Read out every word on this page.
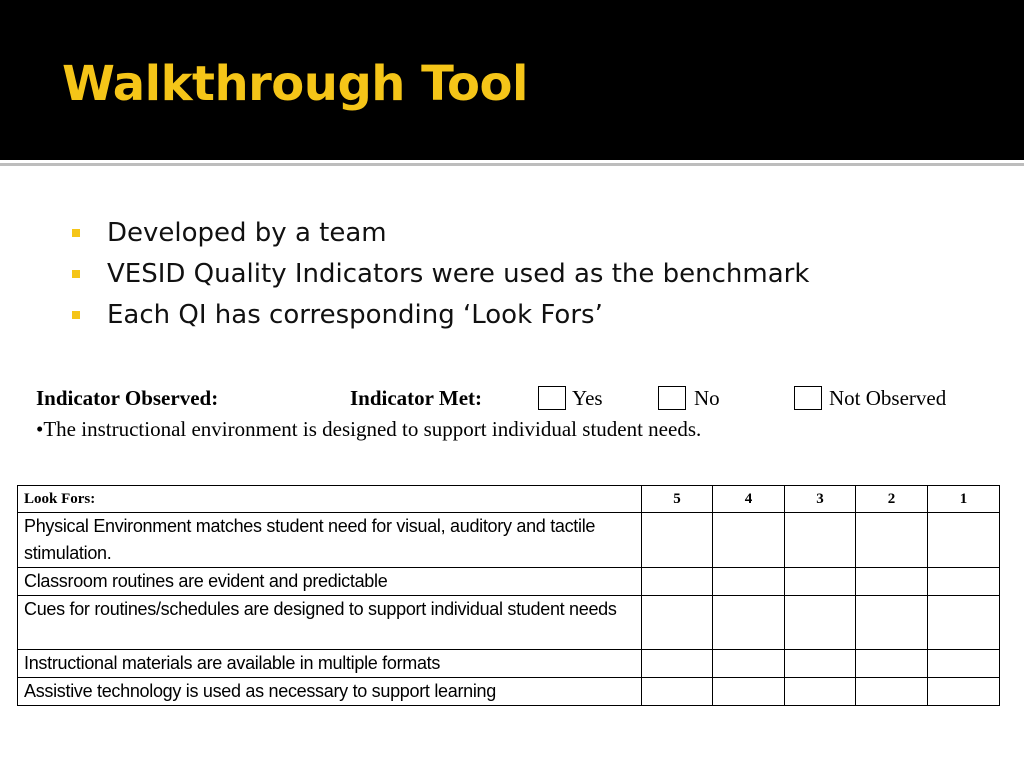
Walkthrough Tool
Developed by a team
VESID Quality Indicators were used as the benchmark
Each QI has corresponding ‘Look Fors’
Indicator Observed:	Indicator Met:	Yes	No	Not Observed
•The instructional environment is designed to support individual student needs.
Look Fors:	5	4	3	2	1
Physical Environment matches student need for visual, auditory and tactile stimulation.					
Classroom routines are evident and predictable					
Cues for routines/schedules are designed to support individual student needs					
Instructional materials are available in multiple formats					
Assistive technology is used as necessary to support learning					
